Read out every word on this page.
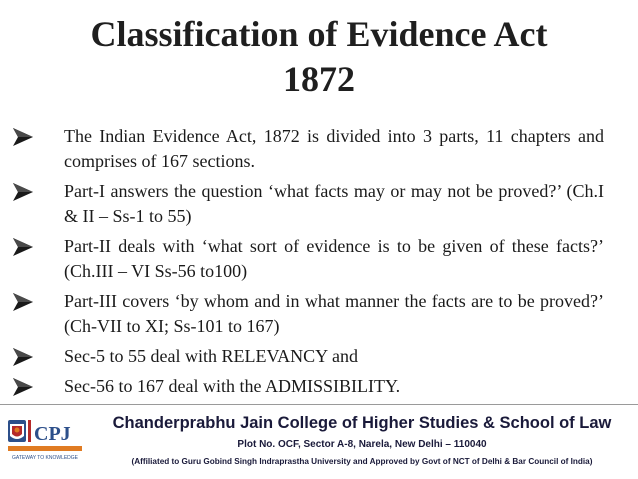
Classification of Evidence Act
1872
The Indian Evidence Act, 1872 is divided into 3 parts, 11 chapters and comprises of 167 sections.
Part-I answers the question ‘what facts may or may not be proved?’ (Ch.I & II – Ss-1 to 55)
Part-II deals with ‘what sort of evidence is to be given of these facts?’ (Ch.III – VI Ss-56 to100)
Part-III covers ‘by whom and in what manner the facts are to be proved?’ (Ch-VII to XI; Ss-101 to 167)
Sec-5 to 55 deal with RELEVANCY and
Sec-56 to 167 deal with the ADMISSIBILITY.
CPJ
GATEWAY TO KNOWLEDGE
Chanderprabhu Jain College of Higher Studies & School of Law
Plot No. OCF, Sector A-8, Narela, New Delhi – 110040
(Affiliated to Guru Gobind Singh Indraprastha University and Approved by Govt of NCT of Delhi & Bar Council of India)
